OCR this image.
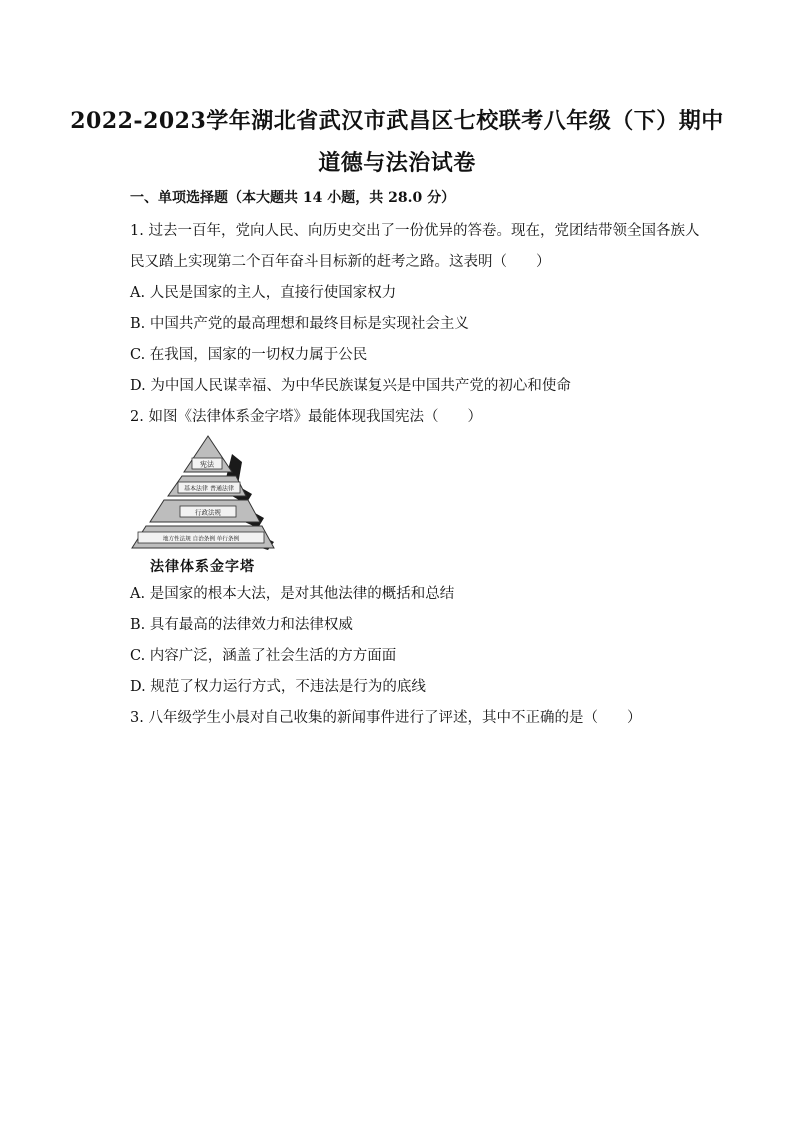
2022-2023学年湖北省武汉市武昌区七校联考八年级（下）期中
道德与法治试卷
一、单项选择题（本大题共 14 小题，共 28.0 分）
1. 过去一百年，党向人民、向历史交出了一份优异的答卷。现在，党团结带领全国各族人
民又踏上实现第二个百年奋斗目标新的赶考之路。这表明（　　）
A. 人民是国家的主人，直接行使国家权力
B. 中国共产党的最高理想和最终目标是实现社会主义
C. 在我国，国家的一切权力属于公民
D. 为中国人民谋幸福、为中华民族谋复兴是中国共产党的初心和使命
2. 如图《法律体系金字塔》最能体现我国宪法（　　）
宪法
基本法律 普通法律
行政法规
地方性法规 自治条例 单行条例
法律体系金字塔
A. 是国家的根本大法，是对其他法律的概括和总结
B. 具有最高的法律效力和法律权威
C. 内容广泛，涵盖了社会生活的方方面面
D. 规范了权力运行方式，不违法是行为的底线
3. 八年级学生小晨对自己收集的新闻事件进行了评述，其中不正确的是（　　）
